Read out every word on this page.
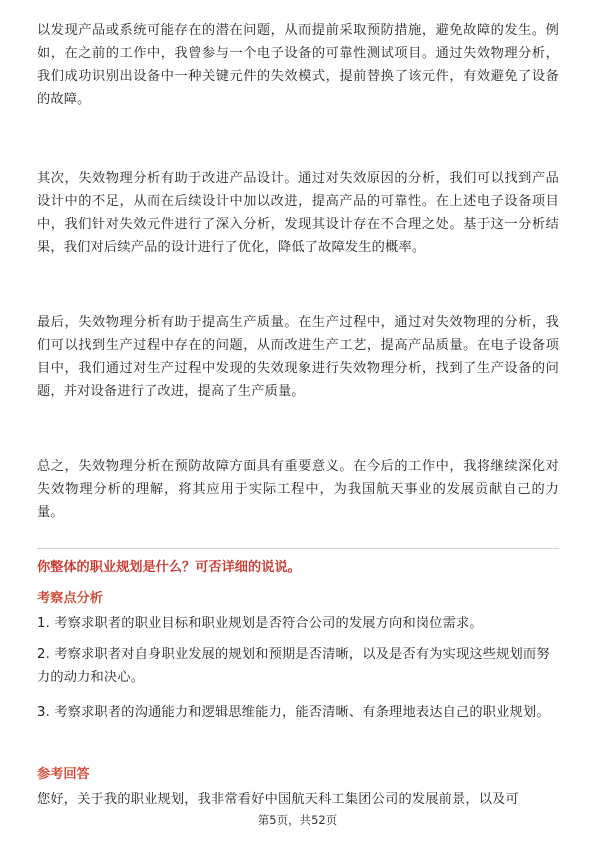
以发现产品或系统可能存在的潜在问题，从而提前采取预防措施，避免故障的发生。例如，在之前的工作中，我曾参与一个电子设备的可靠性测试项目。通过失效物理分析，我们成功识别出设备中一种关键元件的失效模式，提前替换了该元件，有效避免了设备的故障。

其次，失效物理分析有助于改进产品设计。通过对失效原因的分析，我们可以找到产品设计中的不足，从而在后续设计中加以改进，提高产品的可靠性。在上述电子设备项目中，我们针对失效元件进行了深入分析，发现其设计存在不合理之处。基于这一分析结果，我们对后续产品的设计进行了优化，降低了故障发生的概率。

最后，失效物理分析有助于提高生产质量。在生产过程中，通过对失效物理的分析，我们可以找到生产过程中存在的问题，从而改进生产工艺，提高产品质量。在电子设备项目中，我们通过对生产过程中发现的失效现象进行失效物理分析，找到了生产设备的问题，并对设备进行了改进，提高了生产质量。

总之，失效物理分析在预防故障方面具有重要意义。在今后的工作中，我将继续深化对失效物理分析的理解，将其应用于实际工程中，为我国航天事业的发展贡献自己的力量。

你整体的职业规划是什么？可否详细的说说。

考察点分析

1. 考察求职者的职业目标和职业规划是否符合公司的发展方向和岗位需求。

2. 考察求职者对自身职业发展的规划和预期是否清晰，以及是否有为实现这些规划而努力的动力和决心。

3. 考察求职者的沟通能力和逻辑思维能力，能否清晰、有条理地表达自己的职业规划。

参考回答

您好，关于我的职业规划，我非常看好中国航天科工集团公司的发展前景，以及可

第5页，共52页
